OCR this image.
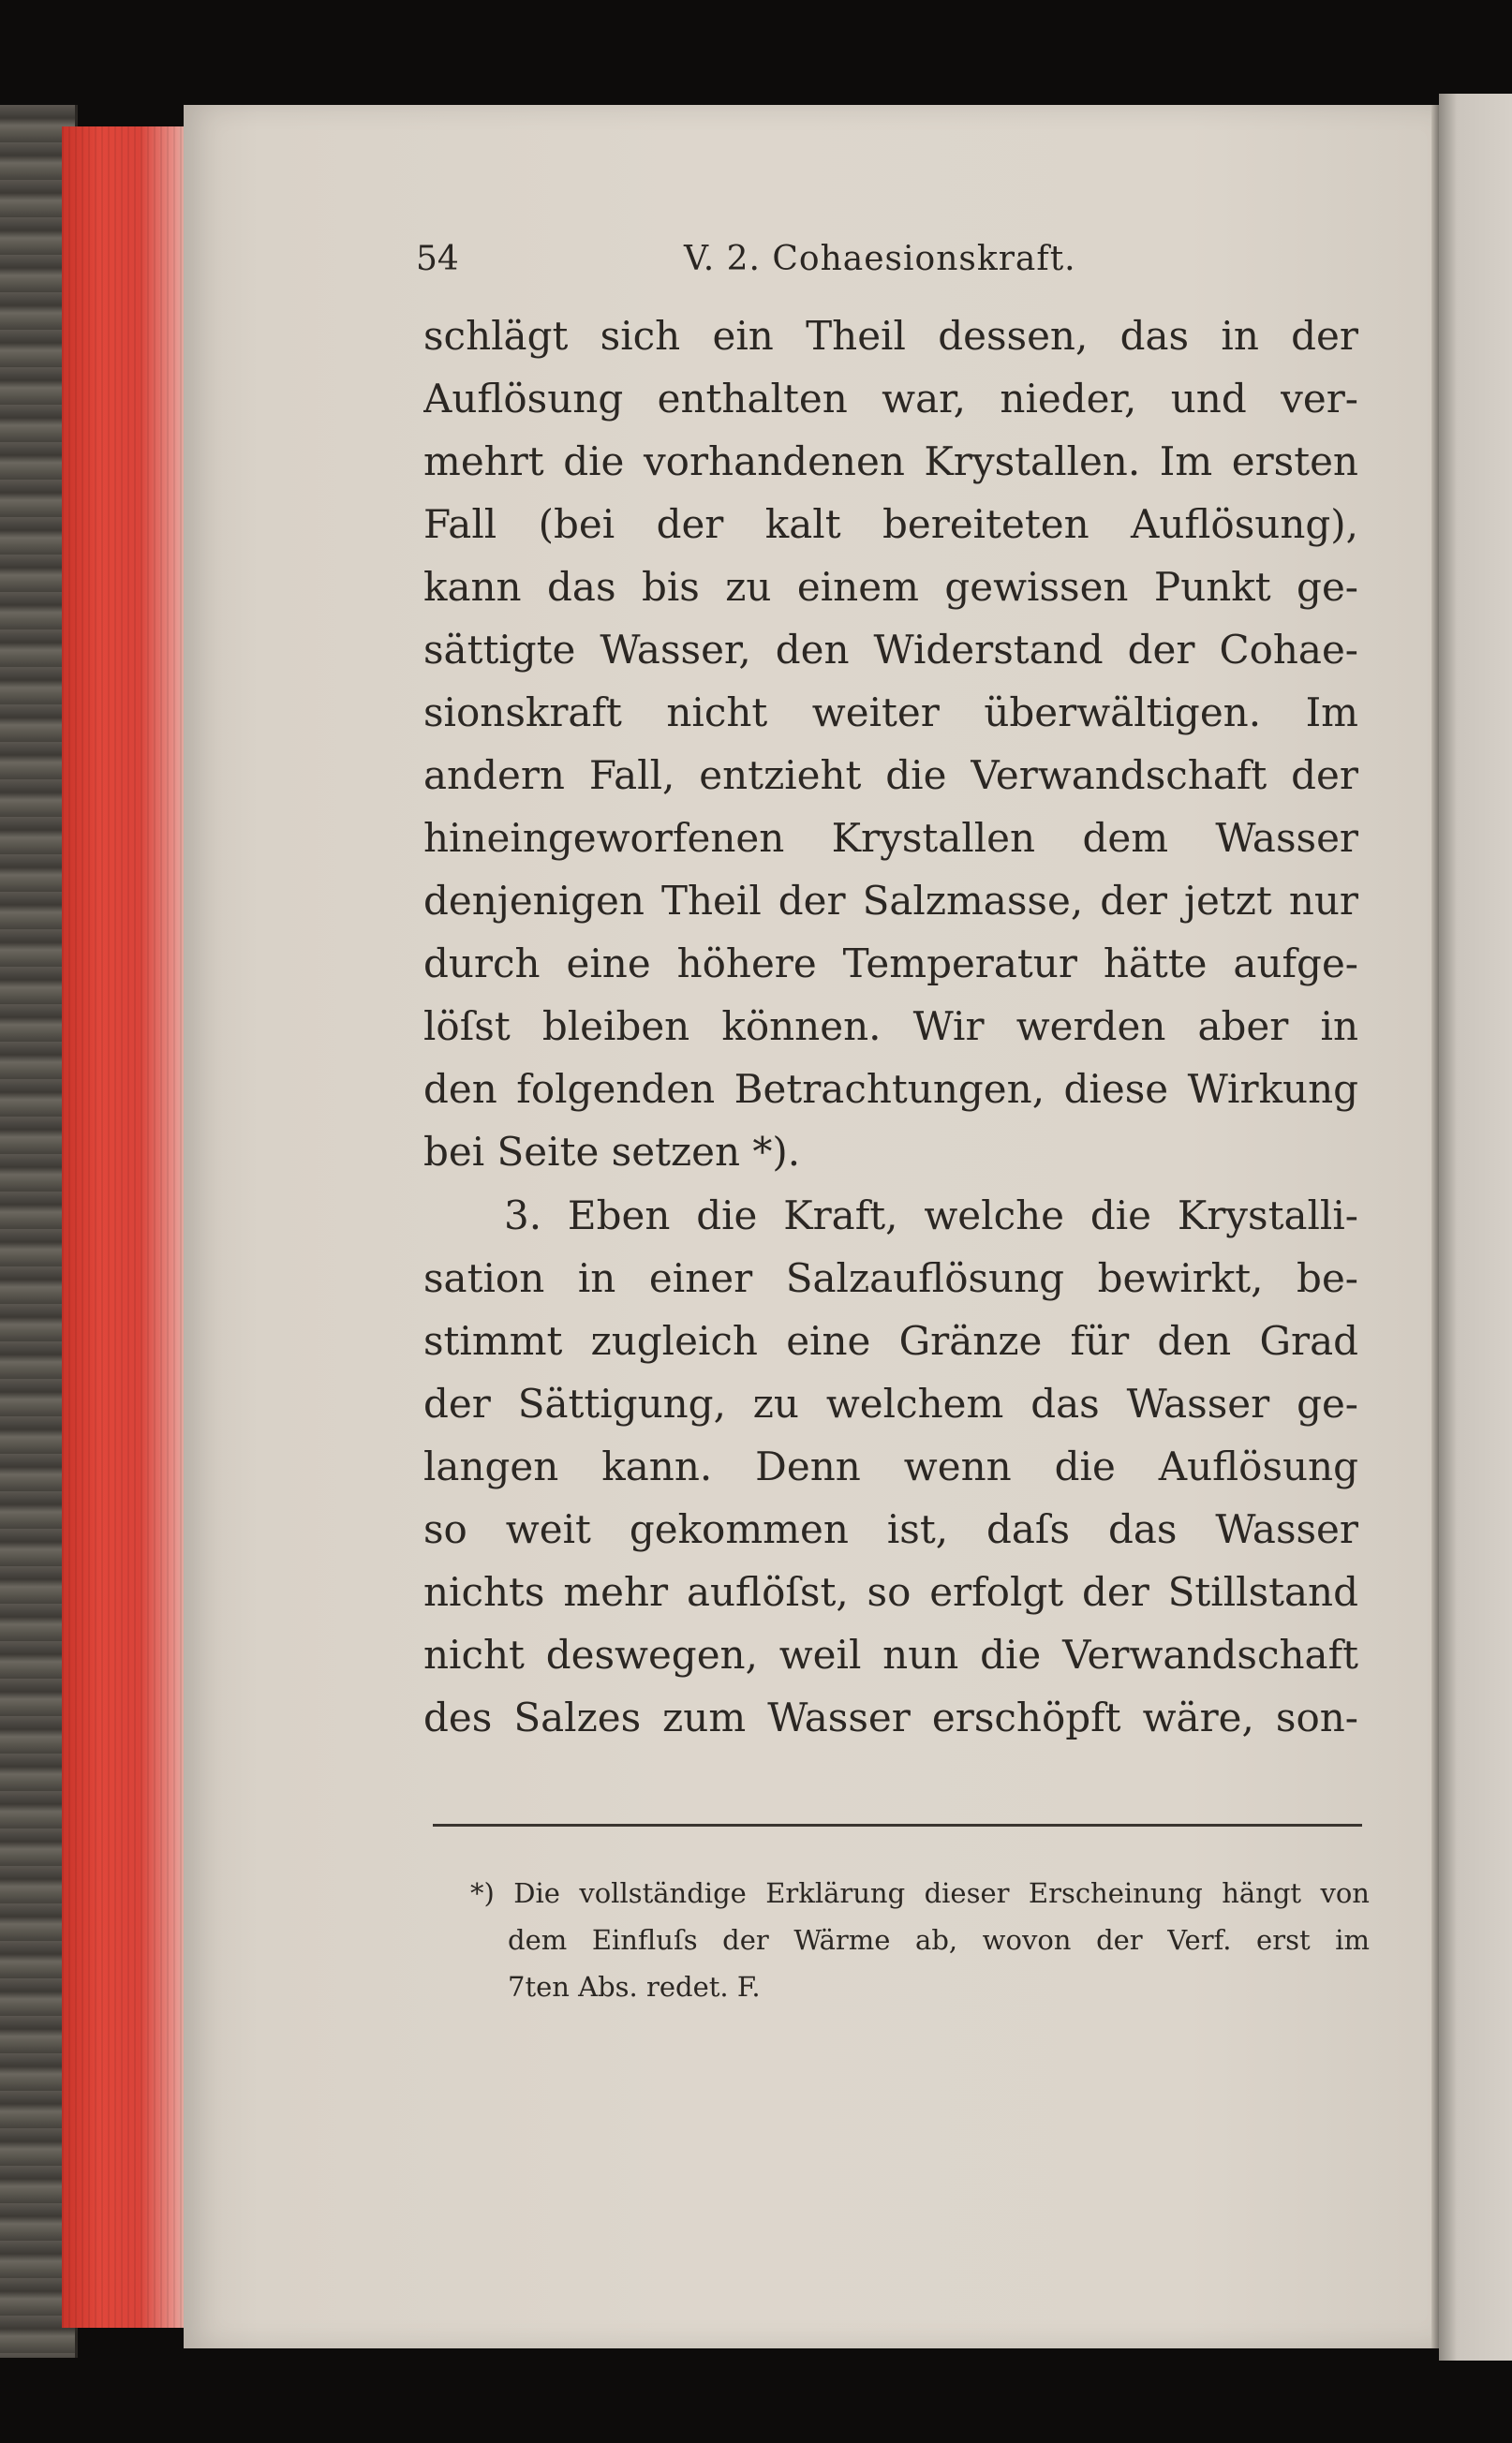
54	V. 2. Cohaesionskraft.
schlägt sich ein Theil dessen, das in der
Auflösung enthalten war, nieder, und ver-
mehrt die vorhandenen Krystallen. Im ersten
Fall (bei der kalt bereiteten Auflösung),
kann das bis zu einem gewissen Punkt ge-
sättigte Wasser, den Widerstand der Cohae-
sionskraft nicht weiter überwältigen. Im
andern Fall, entzieht die Verwandschaft der
hineingeworfenen Krystallen dem Wasser
denjenigen Theil der Salzmasse, der jetzt nur
durch eine höhere Temperatur hätte aufge-
löſst bleiben können. Wir werden aber in
den folgenden Betrachtungen, diese Wirkung
bei Seite setzen *).
3. Eben die Kraft, welche die Krystalli-
sation in einer Salzauflösung bewirkt, be-
stimmt zugleich eine Gränze für den Grad
der Sättigung, zu welchem das Wasser ge-
langen kann. Denn wenn die Auflösung
so weit gekommen ist, daſs das Wasser
nichts mehr auflöſst, so erfolgt der Stillstand
nicht deswegen, weil nun die Verwandschaft
des Salzes zum Wasser erschöpft wäre, son-
*) Die vollständige Erklärung dieser Erscheinung hängt von
dem Einfluſs der Wärme ab, wovon der Verf. erst im
7ten Abs. redet. F.
